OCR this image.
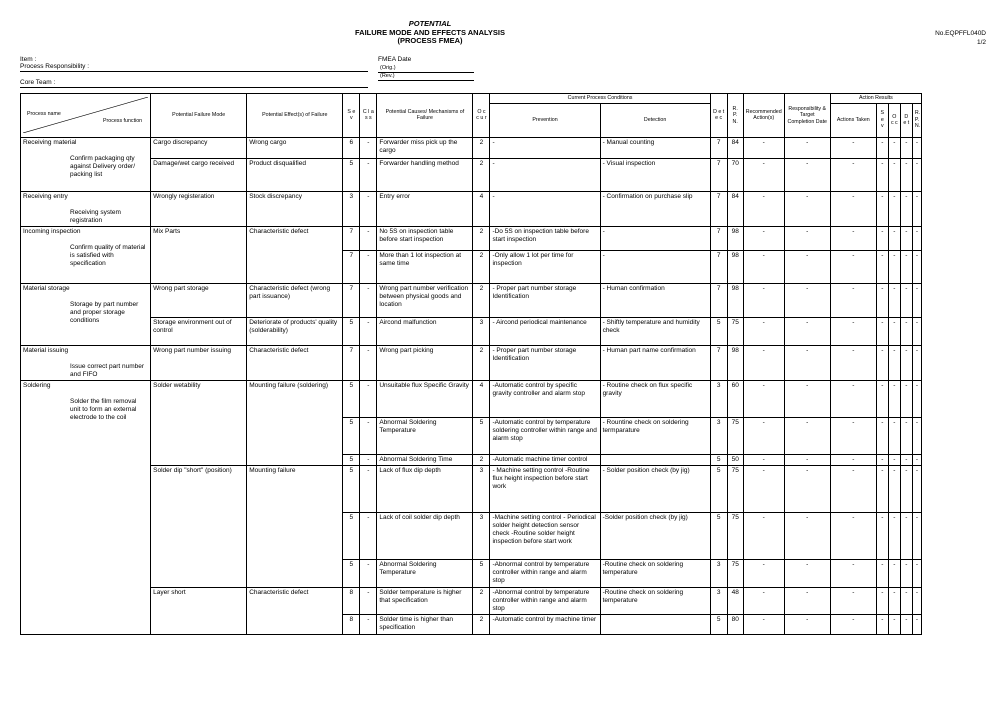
POTENTIAL
FAILURE MODE AND EFFECTS ANALYSIS
(PROCESS FMEA)
No.EQPFFL040D
1/2
Item :
Process Responsibility :
Core Team :
FMEA Date
(Orig.)
(Rev.)
Process name
Process function	Potential Failure Mode	Potential Effect(s) of Failure	S e v	C l a s s	Potential Causes/ Mechanisms of Failure	O c c u r	Current Process Conditions		D e t e c	R. P. N.	Recommended Action(s)	Responsibility & Target Completion Date	Action Results				
							Prevention	Detection					Actions Taken	S e v	O c c	D e t	R. P. N.

Receiving material
Confirm packaging qty against Delivery order/ packing list	Cargo discrepancy	Wrong cargo	6	-	Forwarder miss pick up the cargo	2	-	- Manual counting	7	84	-	-	-	-	-	-	-
	Damage/wet cargo received	Product disqualified	5	-	Forwarder handling method	2	-	- Visual inspection	7	70	-	-	-	-	-	-	-

Receiving entry
Receiving system registration	Wrongly registeration	Stock discrepancy	3	-	Entry error	4	-	- Confirmation on purchase slip	7	84	-	-	-	-	-	-	-

Incoming inspection
Confirm quality of material is satisfied with specification	Mix Parts	Characteristic defect	7	-	No 5S on inspection table before start inspection	2	-Do 5S on inspection table before start inspection	-	7	98	-	-	-	-	-	-	-
			7	-	More than 1 lot inspection at same time	2	-Only allow 1 lot per time for inspection	-	7	98	-	-	-	-	-	-	-

Material storage
Storage by part number and proper storage conditions	Wrong part storage	Characteristic defect (wrong part issuance)	7	-	Wrong part number verification between physical goods and location	2	- Proper part number storage Identification	- Human confirmation	7	98	-	-	-	-	-	-	-
	Storage environment out of control	Deteriorate of products' quality (solderability)	5	-	Aircond malfunction	3	- Aircond periodical maintenance	- Shiftly temperature and humidity check	5	75	-	-	-	-	-	-	-

Material issuing
Issue correct part number and FIFO	Wrong part number issuing	Characteristic defect	7	-	Wrong part picking	2	- Proper part number storage Identification	- Human part name confirmation	7	98	-	-	-	-	-	-	-

Soldering
Solder the film removal unit to form an external electrode to the coil	Solder wetability	Mounting failure (soldering)	5	-	Unsuitable flux Specific Gravity	4	-Automatic control by specific gravity controller and alarm stop	- Routine check on flux specific gravity	3	60	-	-	-	-	-	-	-
			5	-	Abnormal Soldering Temperature	5	-Automatic control by temperature soldering controller within range and alarm stop	- Rountine check on soldering termparature	3	75	-	-	-	-	-	-	-
			5	-	Abnormal Soldering Time	2	-Automatic machine timer control		5	50	-	-	-	-	-	-	-
	Solder dip "short" (position)	Mounting failure	5	-	Lack of flux dip depth	3	- Machine setting control -Routine flux height inspection before start work	- Solder position check (by jig)	5	75	-	-	-	-	-	-	-
			5	-	Lack of coil solder dip depth	3	-Machine setting control - Periodical solder height detection sensor check -Routine solder height inspection before start work	-Solder position check (by jig)	5	75	-	-	-	-	-	-	-
			5	-	Abnormal Soldering Temperature	5	-Abnormal control by temperature controller within range and alarm stop	-Routine check on soldering temperature	3	75	-	-	-	-	-	-	-
	Layer short	Characteristic defect	8	-	Solder temperature is higher that specification	2	-Abnormal control by temperature controller within range and alarm stop	-Routine check on soldering temperature	3	48	-	-	-	-	-	-	-
			8	-	Solder time is higher than specification	2	-Automatic control by machine timer		5	80	-	-	-	-	-	-	-
